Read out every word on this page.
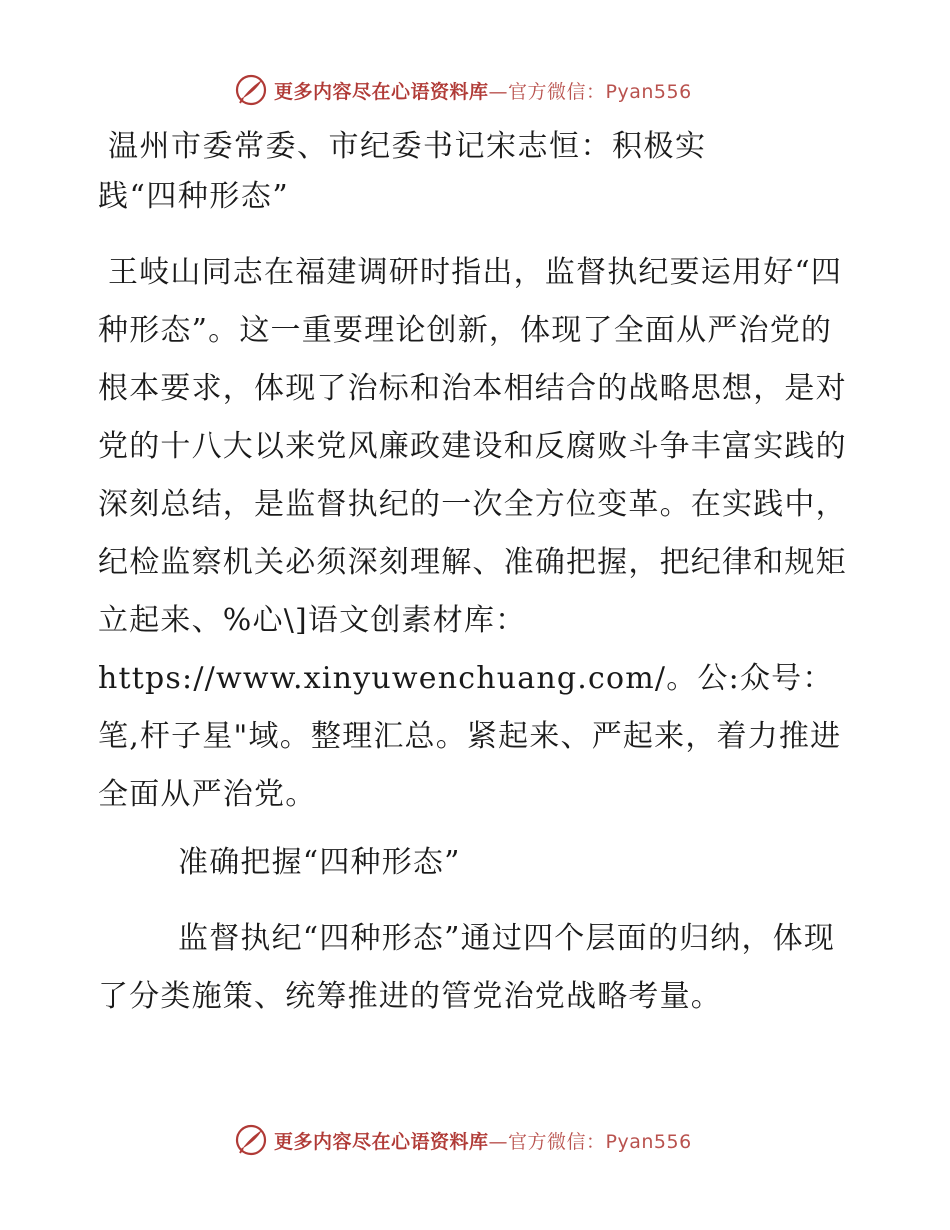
更多内容尽在心语资料库—官方微信：Pyan556
温州市委常委、市纪委书记宋志恒：积极实
践“四种形态”

王岐山同志在福建调研时指出，监督执纪要运用好“四种形态”。这一重要理论创新，体现了全面从严治党的根本要求，体现了治标和治本相结合的战略思想，是对党的十八大以来党风廉政建设和反腐败斗争丰富实践的深刻总结，是监督执纪的一次全方位变革。在实践中，纪检监察机关必须深刻理解、准确把握，把纪律和规矩立起来、%心\]语文创素材库：https://www.xinyuwenchuang.com/。公:众号：笔,杆子星"域。整理汇总。紧起来、严起来，着力推进全面从严治党。

准确把握“四种形态”

监督执纪“四种形态”通过四个层面的归纳，体现了分类施策、统筹推进的管党治党战略考量。

更多内容尽在心语资料库—官方微信：Pyan556
